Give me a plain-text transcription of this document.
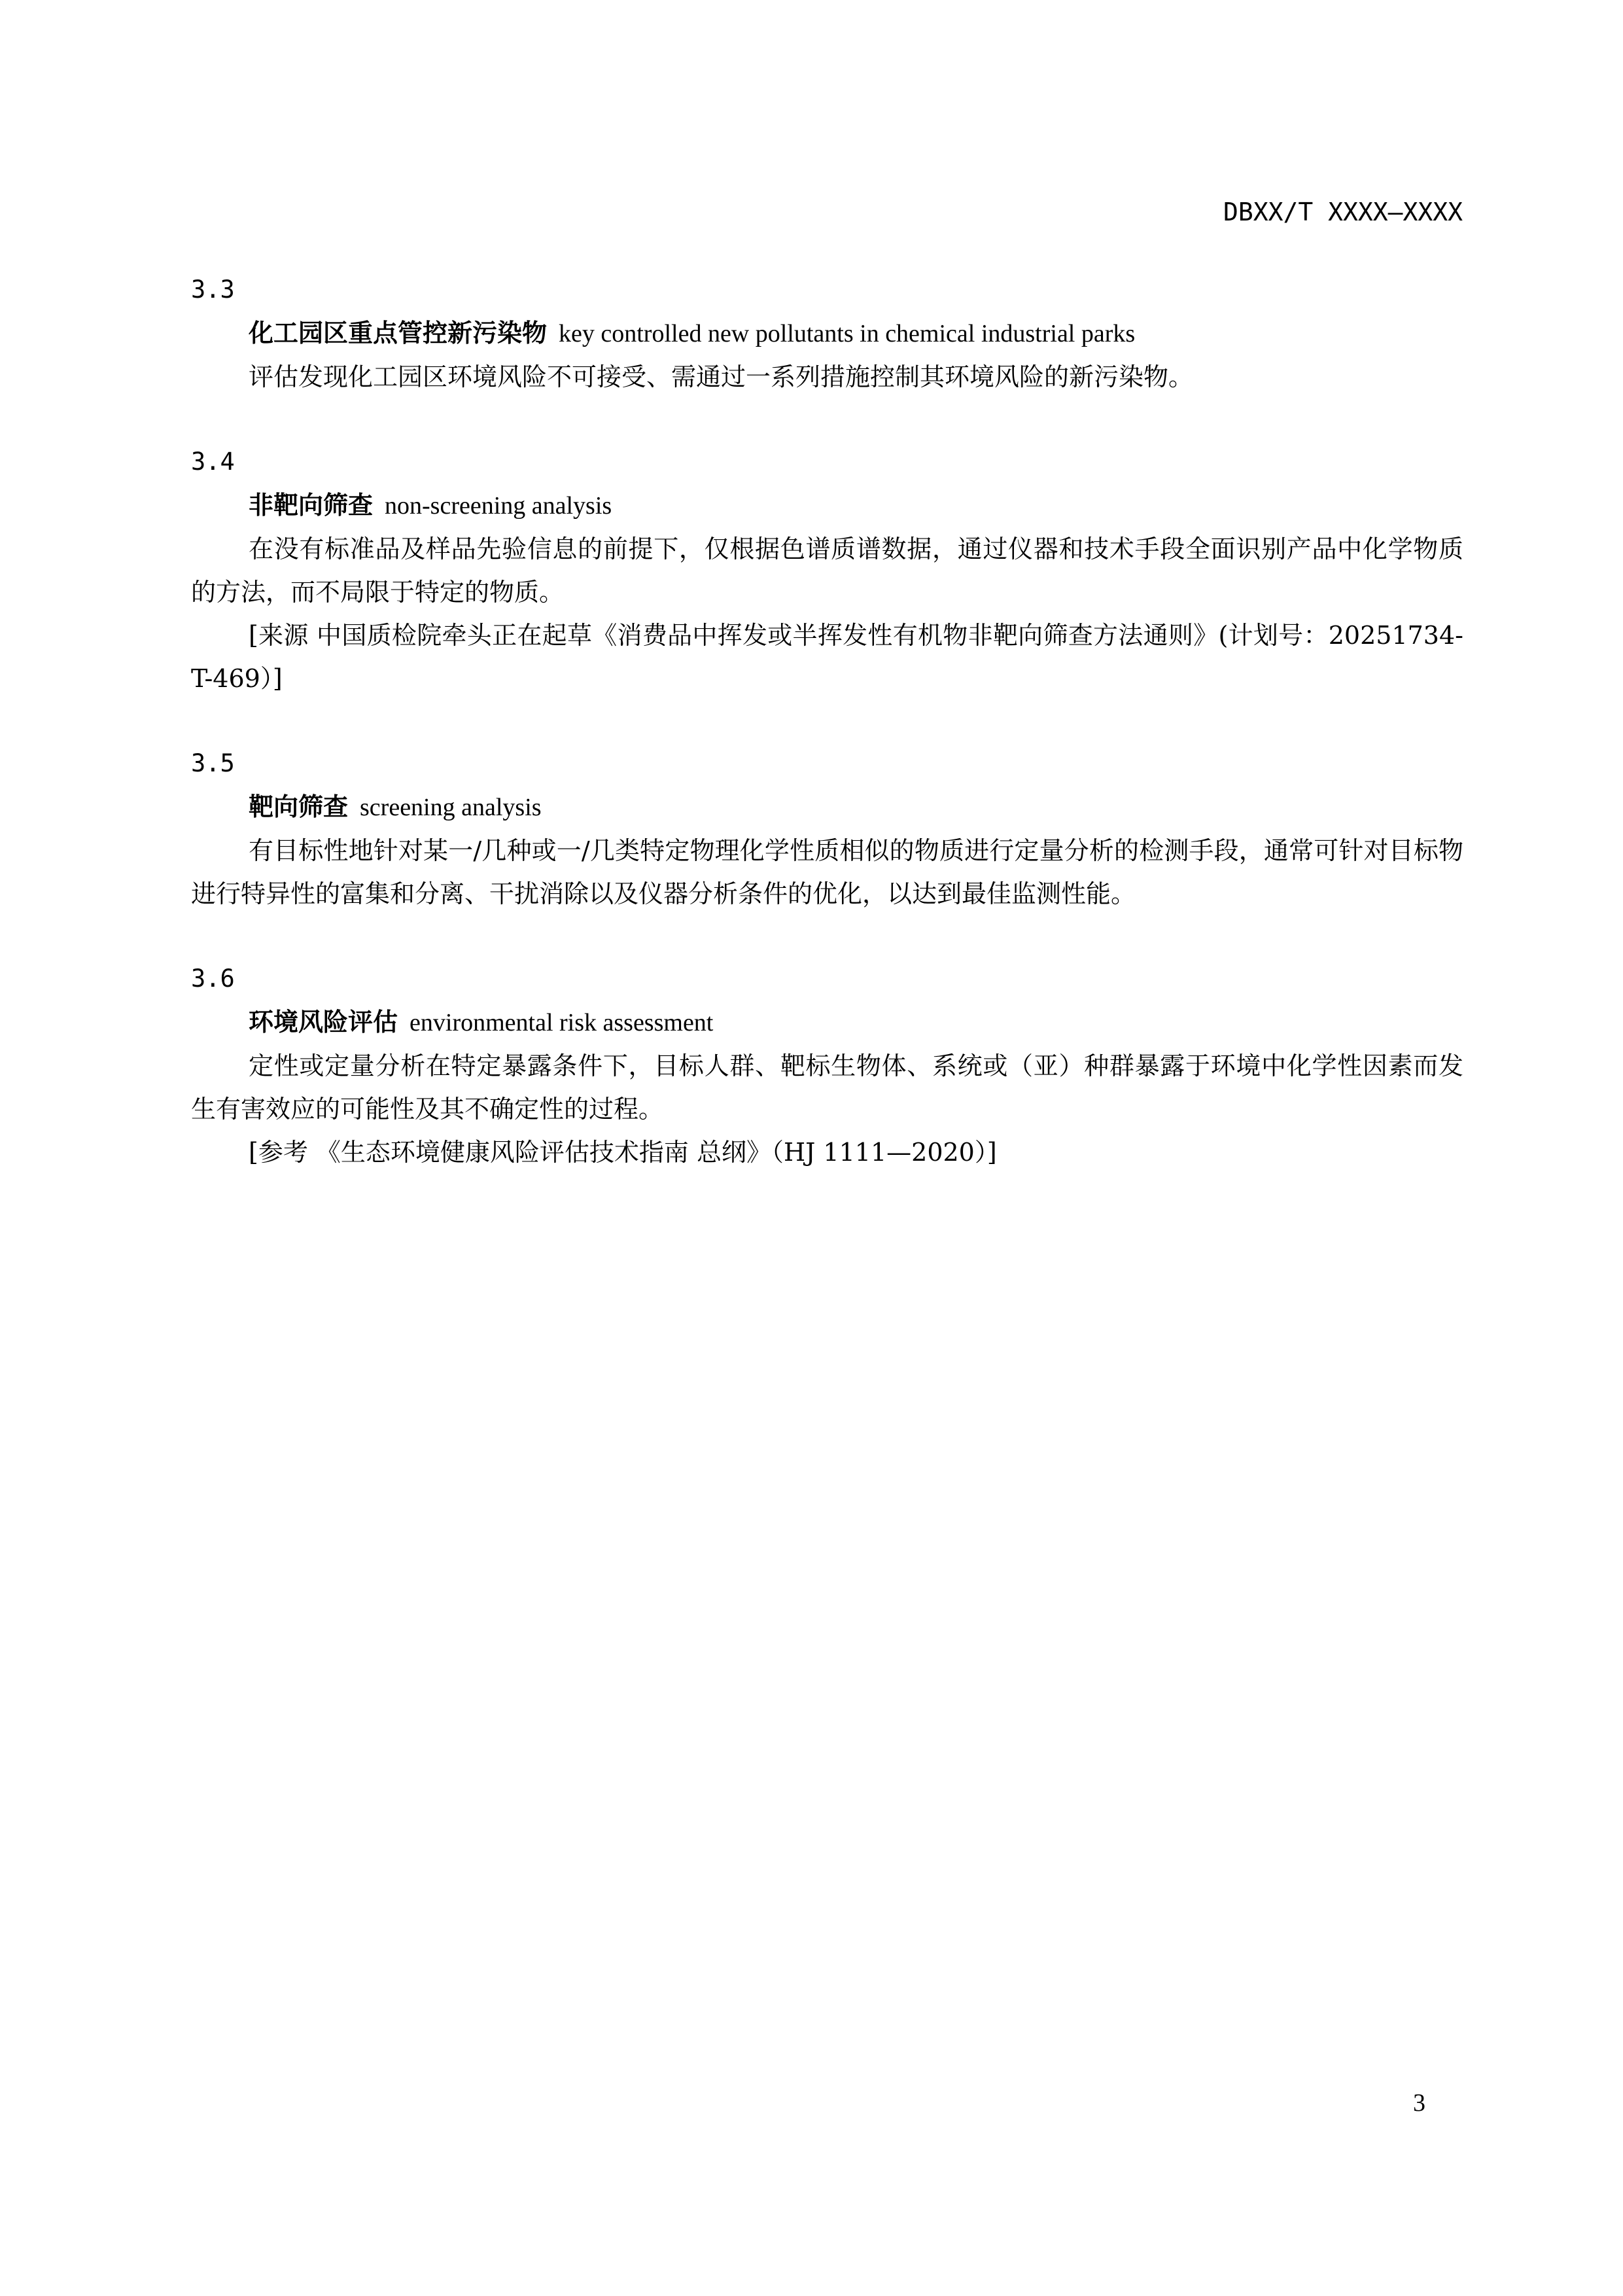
DBXX/T XXXX—XXXX
3.3
化工园区重点管控新污染物 key controlled new pollutants in chemical industrial parks

评估发现化工园区环境风险不可接受、需通过一系列措施控制其环境风险的新污染物。

3.4
非靶向筛查 non-screening analysis

在没有标准品及样品先验信息的前提下，仅根据色谱质谱数据，通过仪器和技术手段全面识别产品中化学物质的方法，而不局限于特定的物质。

[来源 中国质检院牵头正在起草《消费品中挥发或半挥发性有机物非靶向筛查方法通则》(计划号：20251734-T-469）]

3.5
靶向筛查 screening analysis

有目标性地针对某一/几种或一/几类特定物理化学性质相似的物质进行定量分析的检测手段，通常可针对目标物进行特异性的富集和分离、干扰消除以及仪器分析条件的优化，以达到最佳监测性能。

3.6
环境风险评估 environmental risk assessment

定性或定量分析在特定暴露条件下，目标人群、靶标生物体、系统或（亚）种群暴露于环境中化学性因素而发生有害效应的可能性及其不确定性的过程。

[参考 《生态环境健康风险评估技术指南 总纲》（HJ 1111—2020）]

3
